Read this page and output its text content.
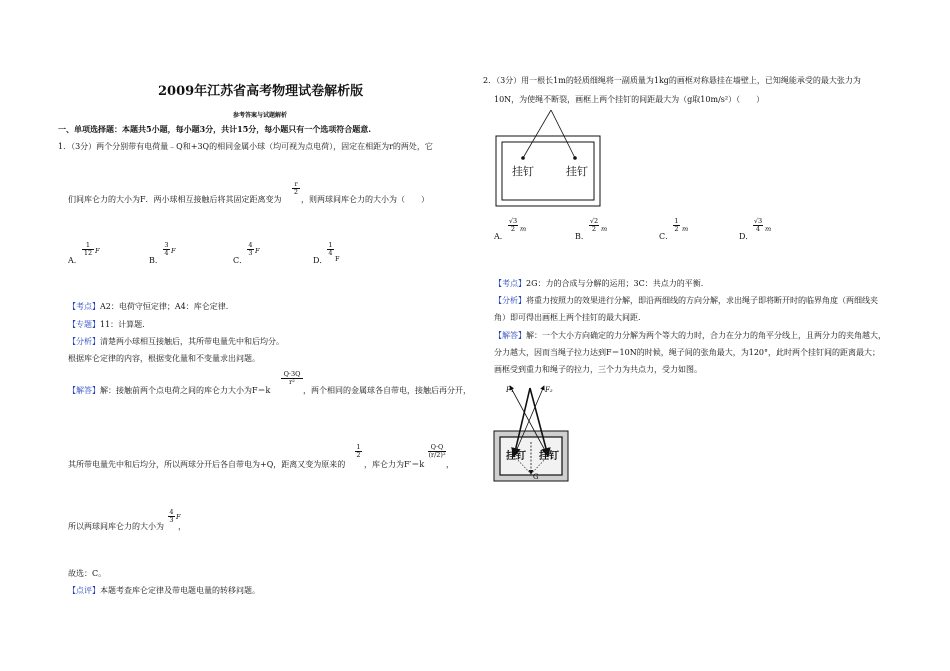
2009年江苏省高考物理试卷解析版
参考答案与试题解析
一、单项选择题：本题共5小题，每小题3分，共计15分，每小题只有一个选项符合题意.
1．（3分）两个分别带有电荷量﹣Q和+3Q的相同金属小球（均可视为点电荷），固定在相距为r的两处，它
r
2
们间库仑力的大小为F．两小球相互接触后将其固定距离变为 ，则两球间库仑力的大小为（　　）
A．
1
12 F
B．
3
4 F
C．
4
3 F
D．
1
4
F
【考点】A2：电荷守恒定律；A4：库仑定律.
【专题】11：计算题.
【分析】清楚两小球相互接触后，其所带电量先中和后均分。
根据库仑定律的内容，根据变化量和不变量求出问题。
Q·3Q
r²
【解答】解：接触前两个点电荷之间的库仑力大小为F＝k	，两个相同的金属球各自带电，接触后再分开，
1
2
Q·Q
(r/2)²
其所带电量先中和后均分，所以两球分开后各自带电为+Q，距离又变为原来的 ，库仑力为F′＝k	，
4
3 F
所以两球间库仑力的大小为 ，
故选：C。
【点评】本题考查库仑定律及带电题电量的转移问题。
2．（3分）用一根长1m的轻质细绳将一副质量为1kg的画框对称悬挂在墙壁上，已知绳能承受的最大张力为
10N，为使绳不断裂，画框上两个挂钉的间距最大为（g取10m/s²）（　　）
挂钉	挂钉
A．
√3
2 m
B．
√2
2 m
C．
1
2 m
D．
√3
4 m
【考点】2G：力的合成与分解的运用；3C：共点力的平衡.
【分析】将重力按照力的效果进行分解，即沿两细线的方向分解，求出绳子即将断开时的临界角度（两细线夹
角）即可得出画框上两个挂钉的最大间距.
【解答】解：一个大小方向确定的力分解为两个等大的力时，合力在分力的角平分线上，且两分力的夹角越大，
分力越大，因而当绳子拉力达到F＝10N的时候，绳子间的张角最大，为120°，此时两个挂钉间的距离最大；
画框受到重力和绳子的拉力，三个力为共点力，受力如图。
F₁	F₂
挂钉 挂钉
G
